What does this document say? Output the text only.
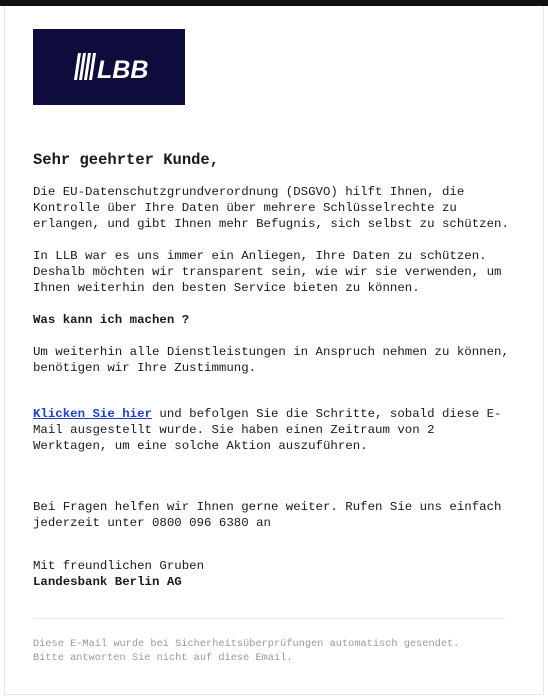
LBB
Sehr geehrter Kunde,

Die EU-Datenschutzgrundverordnung (DSGVO) hilft Ihnen, die Kontrolle über Ihre Daten über mehrere Schlüsselrechte zu erlangen, und gibt Ihnen mehr Befugnis, sich selbst zu schützen.

In LLB war es uns immer ein Anliegen, Ihre Daten zu schützen. Deshalb möchten wir transparent sein, wie wir sie verwenden, um Ihnen weiterhin den besten Service bieten zu können.

Was kann ich machen ?

Um weiterhin alle Dienstleistungen in Anspruch nehmen zu können, benötigen wir Ihre Zustimmung.

Klicken Sie hier und befolgen Sie die Schritte, sobald diese E-Mail ausgestellt wurde. Sie haben einen Zeitraum von 2 Werktagen, um eine solche Aktion auszuführen.

Bei Fragen helfen wir Ihnen gerne weiter. Rufen Sie uns einfach jederzeit unter 0800 096 6380 an

Mit freundlichen Gruben

Landesbank Berlin AG

Diese E-Mail wurde bei Sicherheitsüberprüfungen automatisch gesendet.
Bitte antworten Sie nicht auf diese Email.
